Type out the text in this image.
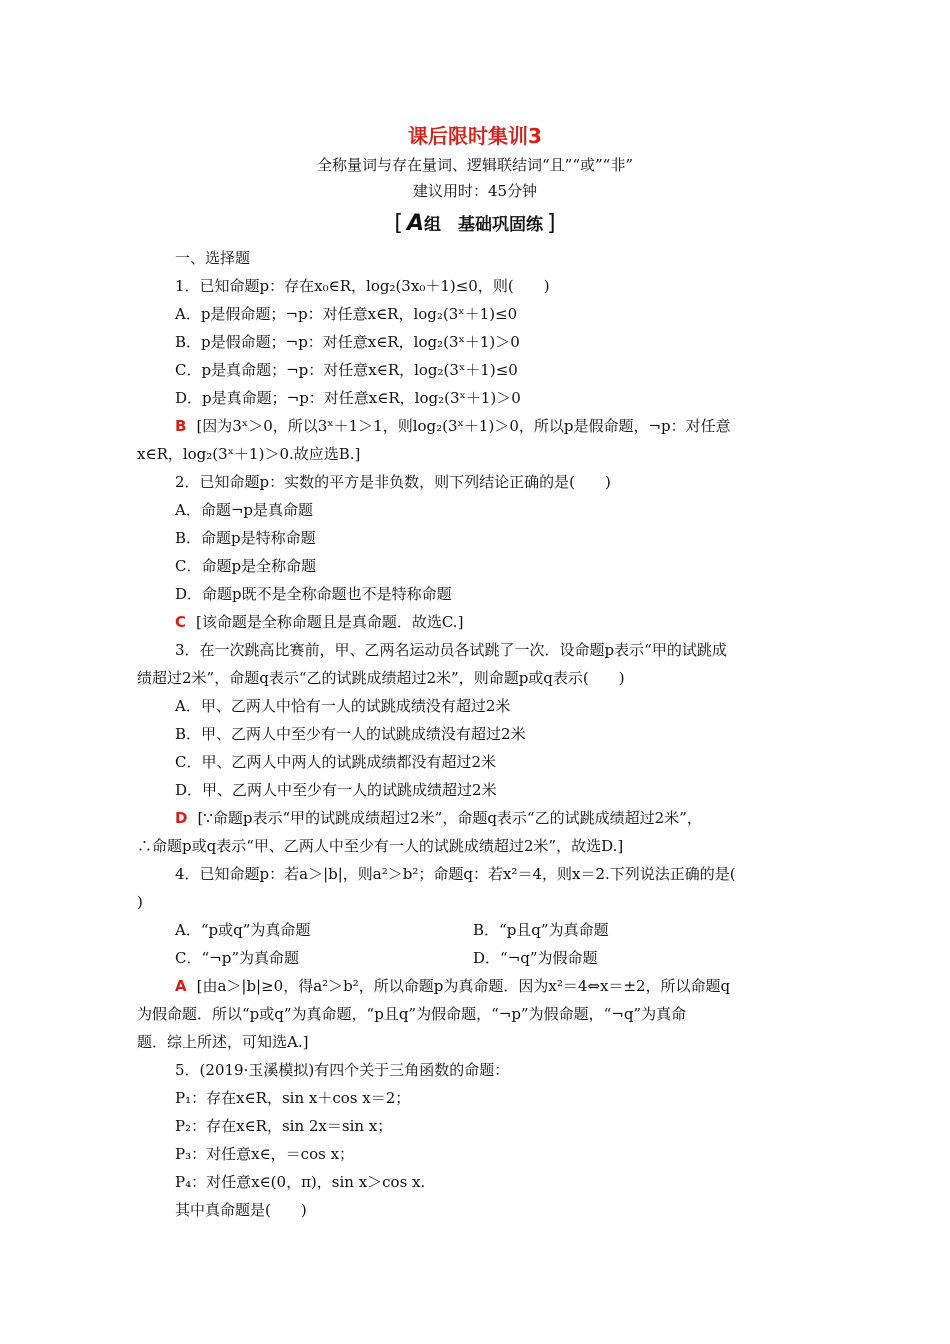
课后限时集训3
全称量词与存在量词、逻辑联结词“且”“或”“非”
建议用时：45分钟
[ A组　基础巩固练 ]
一、选择题
1．已知命题p：存在x₀∈R，log₂(3x₀＋1)≤0，则(　　)
A．p是假命题；¬p：对任意x∈R，log₂(3ˣ＋1)≤0
B．p是假命题；¬p：对任意x∈R，log₂(3ˣ＋1)＞0
C．p是真命题；¬p：对任意x∈R，log₂(3ˣ＋1)≤0
D．p是真命题；¬p：对任意x∈R，log₂(3ˣ＋1)＞0
B [因为3ˣ＞0，所以3ˣ＋1＞1，则log₂(3ˣ＋1)＞0，所以p是假命题，¬p：对任意
x∈R，log₂(3ˣ＋1)＞0.故应选B.]
2．已知命题p：实数的平方是非负数，则下列结论正确的是(　　)
A．命题¬p是真命题
B．命题p是特称命题
C．命题p是全称命题
D．命题p既不是全称命题也不是特称命题
C [该命题是全称命题且是真命题．故选C.]
3．在一次跳高比赛前，甲、乙两名运动员各试跳了一次．设命题p表示“甲的试跳成
绩超过2米”，命题q表示“乙的试跳成绩超过2米”，则命题p或q表示(　　)
A．甲、乙两人中恰有一人的试跳成绩没有超过2米
B．甲、乙两人中至少有一人的试跳成绩没有超过2米
C．甲、乙两人中两人的试跳成绩都没有超过2米
D．甲、乙两人中至少有一人的试跳成绩超过2米
D [∵命题p表示“甲的试跳成绩超过2米”，命题q表示“乙的试跳成绩超过2米”，
∴命题p或q表示“甲、乙两人中至少有一人的试跳成绩超过2米”，故选D.]
4．已知命题p：若a＞|b|，则a²＞b²；命题q：若x²＝4，则x＝2.下列说法正确的是(
)
A．“p或q”为真命题	B．“p且q”为真命题
C．“¬p”为真命题	D．“¬q”为假命题
A [由a＞|b|≥0，得a²＞b²，所以命题p为真命题．因为x²＝4⇔x＝±2，所以命题q
为假命题．所以“p或q”为真命题，“p且q”为假命题，“¬p”为假命题，“¬q”为真命
题．综上所述，可知选A.]
5．(2019·玉溪模拟)有四个关于三角函数的命题：
P₁：存在x∈R，sin x＋cos x＝2；
P₂：存在x∈R，sin 2x＝sin x；
P₃：对任意x∈，＝cos x；
P₄：对任意x∈(0，π)，sin x＞cos x.
其中真命题是(　　)
